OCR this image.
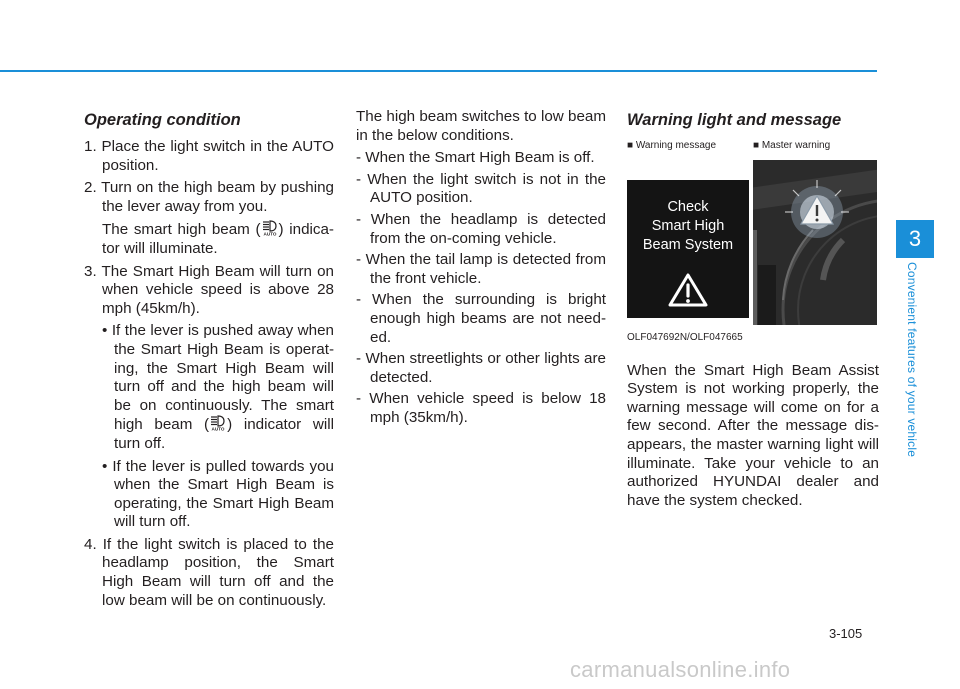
Operating condition

1. Place the light switch in the AUTO position.

2. Turn on the high beam by pushing the lever away from you.

The smart high beam ( AUTO ) indica-tor will illuminate.

3. The Smart High Beam will turn on when vehicle speed is above 28 mph (45km/h).

• If the lever is pushed away when the Smart High Beam is operat-ing, the Smart High Beam will turn off and the high beam will be on continuously. The smart high beam ( AUTO ) indicator will turn off.

• If the lever is pulled towards you when the Smart High Beam is operating, the Smart High Beam will turn off.

4. If the light switch is placed to the headlamp position, the Smart High Beam will turn off and the low beam will be on continuously.

The high beam switches to low beam in the below conditions.

- When the Smart High Beam is off.

- When the light switch is not in the AUTO position.

- When the headlamp is detected from the on-coming vehicle.

- When the tail lamp is detected from the front vehicle.

- When the surrounding is bright enough high beams are not need-ed.

- When streetlights or other lights are detected.

- When vehicle speed is below 18 mph (35km/h).

Warning light and message
■ Warning message	■ Master warning
Check
Smart High
Beam System
OLF047692N/OLF047665

When the Smart High Beam Assist System is not working properly, the warning message will come on for a few second. After the message dis-appears, the master warning light will illuminate. Take your vehicle to an authorized HYUNDAI dealer and have the system checked.

3
Convenient features of your vehicle
3-105
carmanualsonline.info
